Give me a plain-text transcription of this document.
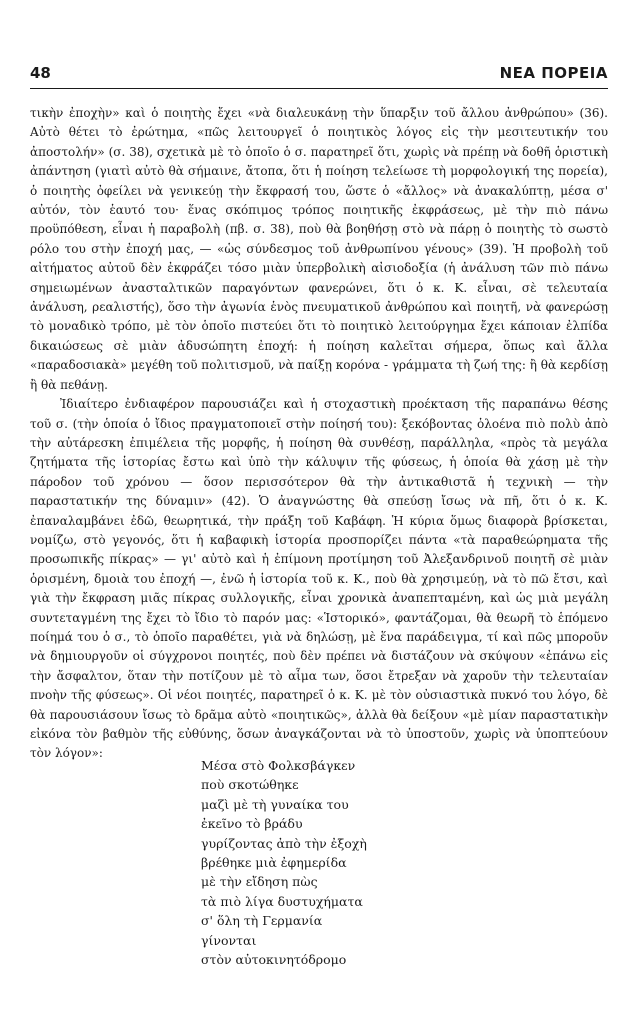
48	ΝΕΑ ΠΟΡΕΙΑ

τικὴν ἐποχὴν» καὶ ὁ ποιητὴς ἔχει «νὰ διαλευκάνῃ τὴν ὕπαρξιν τοῦ ἄλλου ἀνθρώπου» (36). Αὐτὸ θέτει τὸ ἐρώτημα, «πῶς λειτουργεῖ ὁ ποιητικὸς λόγος εἰς τὴν μεσιτευτικήν του ἀποστολήν» (σ. 38), σχετικὰ μὲ τὸ ὁποῖο ὁ σ. παρατηρεῖ ὅτι, χωρὶς νὰ πρέπῃ νὰ δοθῆ ὁριστικὴ ἀπάντηση (γιατὶ αὐτὸ θὰ σήμαινε, ἄτοπα, ὅτι ἡ ποίηση τελείωσε τὴ μορφολογική της πορεία), ὁ ποιητὴς ὀφείλει νὰ γενικεύῃ τὴν ἔκφρασή του, ὥστε ὁ «ἄλλος» νὰ ἀνακαλύπτῃ, μέσα σ' αὐτόν, τὸν ἑαυτό του· ἕνας σκόπιμος τρόπος ποιητικῆς ἐκφράσεως, μὲ τὴν πιὸ πάνω προϋπόθεση, εἶναι ἡ παραβολὴ (πβ. σ. 38), ποὺ θὰ βοηθήσῃ στὸ νὰ πάρῃ ὁ ποιητὴς τὸ σωστὸ ρόλο του στὴν ἐποχή μας, — «ὡς σύνδεσμος τοῦ ἀνθρωπίνου γένους» (39). Ἡ προβολὴ τοῦ αἰτήματος αὐτοῦ δὲν ἐκφράζει τόσο μιὰν ὑπερβολικὴ αἰσιοδοξία (ἡ ἀνάλυση τῶν πιὸ πάνω σημειωμένων ἀνασταλτικῶν παραγόντων φανερώνει, ὅτι ὁ κ. Κ. εἶναι, σὲ τελευταία ἀνάλυση, ρεαλιστής), ὅσο τὴν ἀγωνία ἑνὸς πνευματικοῦ ἀνθρώπου καὶ ποιητῆ, νὰ φανερώσῃ τὸ μοναδικὸ τρόπο, μὲ τὸν ὁποῖο πιστεύει ὅτι τὸ ποιητικὸ λειτούργημα ἔχει κάποιαν ἐλπίδα δικαιώσεως σὲ μιὰν ἀδυσώπητη ἐποχή: ἡ ποίηση καλεῖται σήμερα, ὅπως καὶ ἄλλα «παραδοσιακὰ» μεγέθη τοῦ πολιτισμοῦ, νὰ παίξῃ κορόνα - γράμματα τὴ ζωή της: ἢ θὰ κερδίσῃ ἢ θὰ πεθάνῃ.

Ἰδιαίτερο ἐνδιαφέρον παρουσιάζει καὶ ἡ στοχαστικὴ προέκταση τῆς παραπάνω θέσης τοῦ σ. (τὴν ὁποία ὁ ἴδιος πραγματοποιεῖ στὴν ποίησή του): ξεκόβοντας ὁλοένα πιὸ πολὺ ἀπὸ τὴν αὐτάρεσκη ἐπιμέλεια τῆς μορφῆς, ἡ ποίηση θὰ συνθέσῃ, παράλληλα, «πρὸς τὰ μεγάλα ζητήματα τῆς ἱστορίας ἔστω καὶ ὑπὸ τὴν κάλυψιν τῆς φύσεως, ἡ ὁποία θὰ χάσῃ μὲ τὴν πάροδον τοῦ χρόνου — ὅσον περισσότερον θὰ τὴν ἀντικαθιστᾶ ἡ τεχνικὴ — τὴν παραστατικήν της δύναμιν» (42). Ὁ ἀναγνώστης θὰ σπεύσῃ ἴσως νὰ πῆ, ὅτι ὁ κ. Κ. ἐπαναλαμβάνει ἐδῶ, θεωρητικά, τὴν πράξη τοῦ Καβάφη. Ἡ κύρια ὅμως διαφορὰ βρίσκεται, νομίζω, στὸ γεγονός, ὅτι ἡ καβαφικὴ ἱστορία προσπορίζει πάντα «τὰ παραθεώρηματα τῆς προσωπικῆς πίκρας» — γι' αὐτὸ καὶ ἡ ἐπίμονη προτίμηση τοῦ Ἀλεξανδρινοῦ ποιητῆ σὲ μιὰν ὁρισμένη, δμοιὰ του ἐποχή —, ἐνῶ ἡ ἱστορία τοῦ κ. Κ., ποὺ θὰ χρησιμεύῃ, νὰ τὸ πῶ ἔτσι, καὶ γιὰ τὴν ἔκφραση μιᾶς πίκρας συλλογικῆς, εἶναι χρονικὰ ἀναπεπταμένη, καὶ ὡς μιὰ μεγάλη συντεταγμένη της ἔχει τὸ ἴδιο τὸ παρόν μας: «Ἱστορικό», φαντάζομαι, θὰ θεωρῆ τὸ ἑπόμενο ποίημά του ὁ σ., τὸ ὁποῖο παραθέτει, γιὰ νὰ δηλώσῃ, μὲ ἕνα παράδειγμα, τί καὶ πῶς μποροῦν νὰ δημιουργοῦν οἱ σύγχρονοι ποιητές, ποὺ δὲν πρέπει νὰ διστάζουν νὰ σκύψουν «ἐπάνω εἰς τὴν ἄσφαλτον, ὅταν τὴν ποτίζουν μὲ τὸ αἷμα των, ὅσοι ἔτρεξαν νὰ χαροῦν τὴν τελευταίαν πνοὴν τῆς φύσεως». Οἱ νέοι ποιητές, παρατηρεῖ ὁ κ. Κ. μὲ τὸν οὐσιαστικὰ πυκνό του λόγο, δὲ θὰ παρουσιάσουν ἴσως τὸ δρᾶμα αὐτὸ «ποιητικῶς», ἀλλὰ θὰ δείξουν «μὲ μίαν παραστατικὴν εἰκόνα τὸν βαθμὸν τῆς εὐθύνης, ὅσων ἀναγκάζονται νὰ τὸ ὑποστοῦν, χωρὶς νὰ ὑποπτεύουν τὸν λόγον»:

Μέσα στὸ Φολκσβάγκεν
ποὺ σκοτώθηκε
μαζὶ μὲ τὴ γυναίκα του
ἐκεῖνο τὸ βράδυ
γυρίζοντας ἀπὸ τὴν ἐξοχὴ
βρέθηκε μιὰ ἐφημερίδα
μὲ τὴν εἴδηση πὼς
τὰ πιὸ λίγα δυστυχήματα
σ' ὅλη τὴ Γερμανία
γίνονται
στὸν αὐτοκινητόδρομο
